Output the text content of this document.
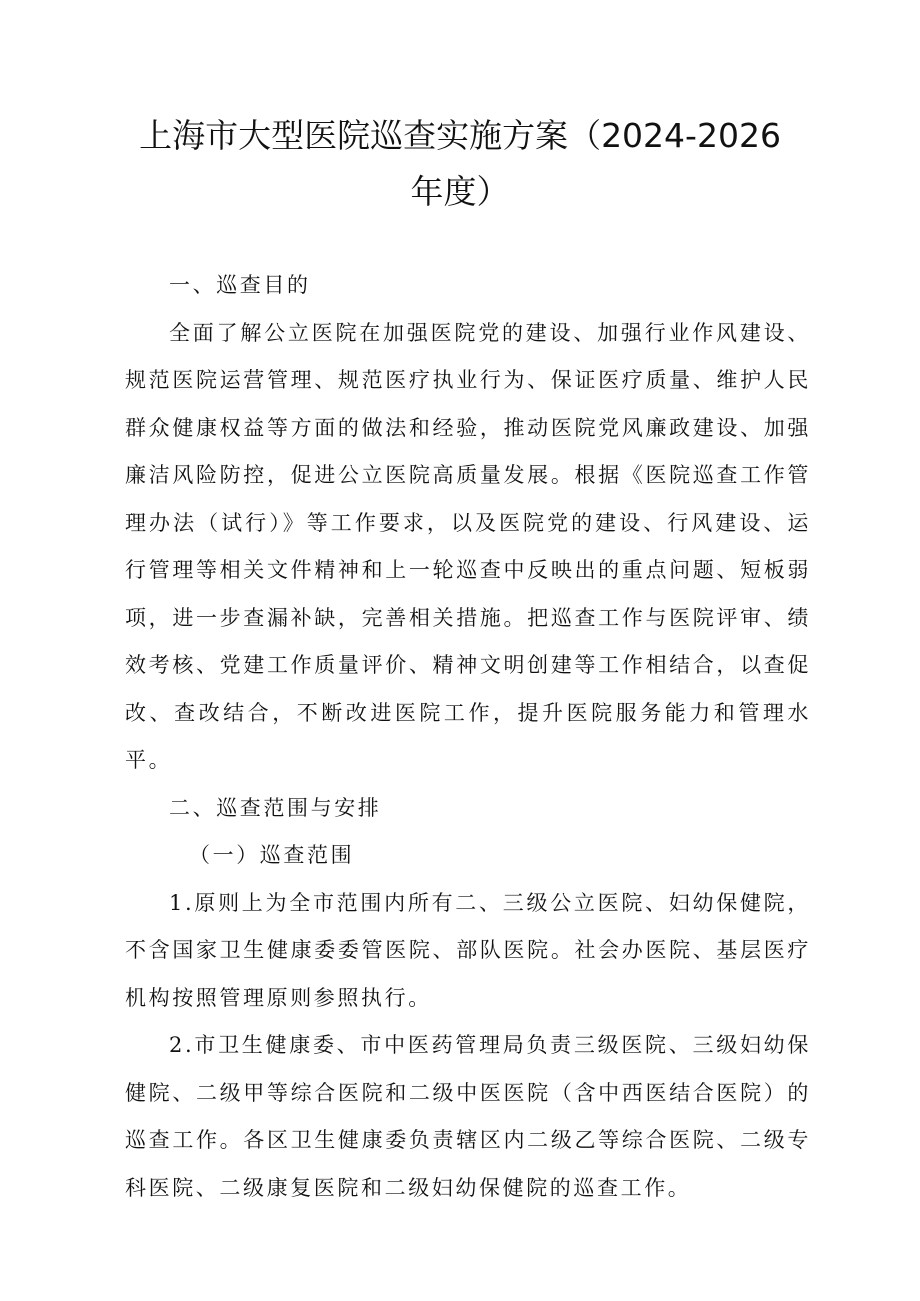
上海市大型医院巡查实施方案（2024-2026
年度）

一、巡查目的

全面了解公立医院在加强医院党的建设、加强行业作风建设、规范医院运营管理、规范医疗执业行为、保证医疗质量、维护人民群众健康权益等方面的做法和经验，推动医院党风廉政建设、加强廉洁风险防控，促进公立医院高质量发展。根据《医院巡查工作管理办法（试行）》等工作要求，以及医院党的建设、行风建设、运行管理等相关文件精神和上一轮巡查中反映出的重点问题、短板弱项，进一步查漏补缺，完善相关措施。把巡查工作与医院评审、绩效考核、党建工作质量评价、精神文明创建等工作相结合，以查促改、查改结合，不断改进医院工作，提升医院服务能力和管理水平。

二、巡查范围与安排

（一）巡查范围

1.原则上为全市范围内所有二、三级公立医院、妇幼保健院，不含国家卫生健康委委管医院、部队医院。社会办医院、基层医疗机构按照管理原则参照执行。

2.市卫生健康委、市中医药管理局负责三级医院、三级妇幼保健院、二级甲等综合医院和二级中医医院（含中西医结合医院）的巡查工作。各区卫生健康委负责辖区内二级乙等综合医院、二级专科医院、二级康复医院和二级妇幼保健院的巡查工作。
